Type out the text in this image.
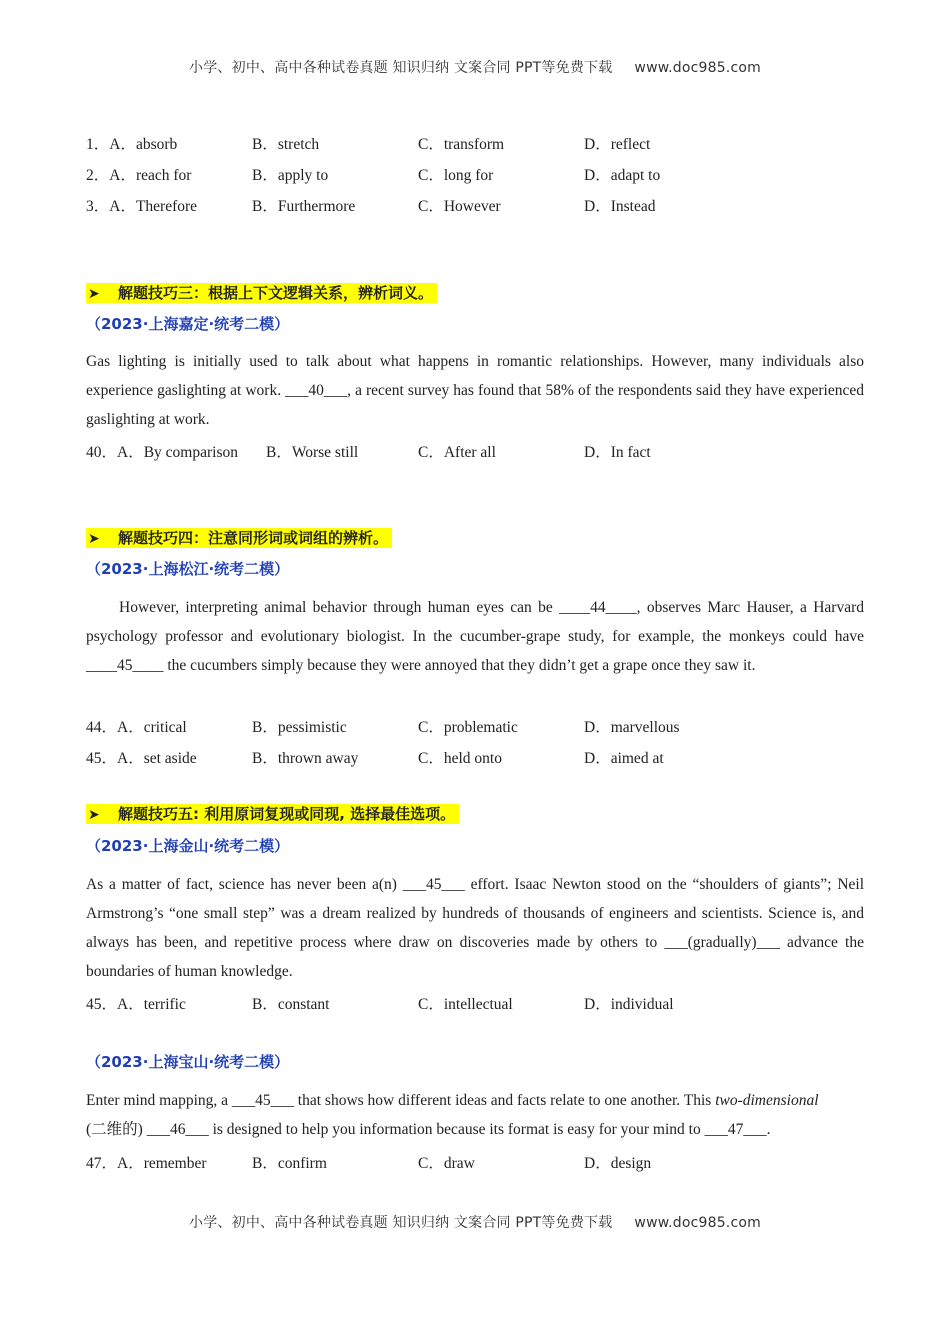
小学、初中、高中各种试卷真题 知识归纳 文案合同 PPT等免费下载 www.doc985.com
1．A．absorb	B．stretch	C．transform	D．reflect
2．A．reach for	B．apply to	C．long for	D．adapt to
3．A．Therefore	B．Furthermore	C．However	D．Instead
➤ 解题技巧三：根据上下文逻辑关系，辨析词义。
（2023·上海嘉定·统考二模）
Gas lighting is initially used to talk about what happens in romantic relationships. However, many individuals also experience gaslighting at work. ___40___, a recent survey has found that 58% of the respondents said they have experienced gaslighting at work.
40．A．By comparison B．Worse still	C．After all	D．In fact
➤ 解题技巧四：注意同形词或词组的辨析。
（2023·上海松江·统考二模）
However, interpreting animal behavior through human eyes can be ____44____, observes Marc Hauser, a Harvard psychology professor and evolutionary biologist. In the cucumber-grape study, for example, the monkeys could have ____45____ the cucumbers simply because they were annoyed that they didn’t get a grape once they saw it.
44．A．critical	B．pessimistic	C．problematic	D．marvellous
45．A．set aside	B．thrown away	C．held onto	D．aimed at
➤ 解题技巧五: 利用原词复现或同现, 选择最佳选项。
（2023·上海金山·统考二模）
As a matter of fact, science has never been a(n) ___45___ effort. Isaac Newton stood on the “shoulders of giants”; Neil Armstrong’s “one small step” was a dream realized by hundreds of thousands of engineers and scientists. Science is, and always has been, and repetitive process where draw on discoveries made by others to ___(gradually)___ advance the boundaries of human knowledge.
45．A．terrific	B．constant	C．intellectual	D．individual
（2023·上海宝山·统考二模）
Enter mind mapping, a ___45___ that shows how different ideas and facts relate to one another. This two-dimensional
(二维的) ___46___ is designed to help you information because its format is easy for your mind to ___47___.
47．A．remember	B．confirm	C．draw	D．design
小学、初中、高中各种试卷真题 知识归纳 文案合同 PPT等免费下载 www.doc985.com
